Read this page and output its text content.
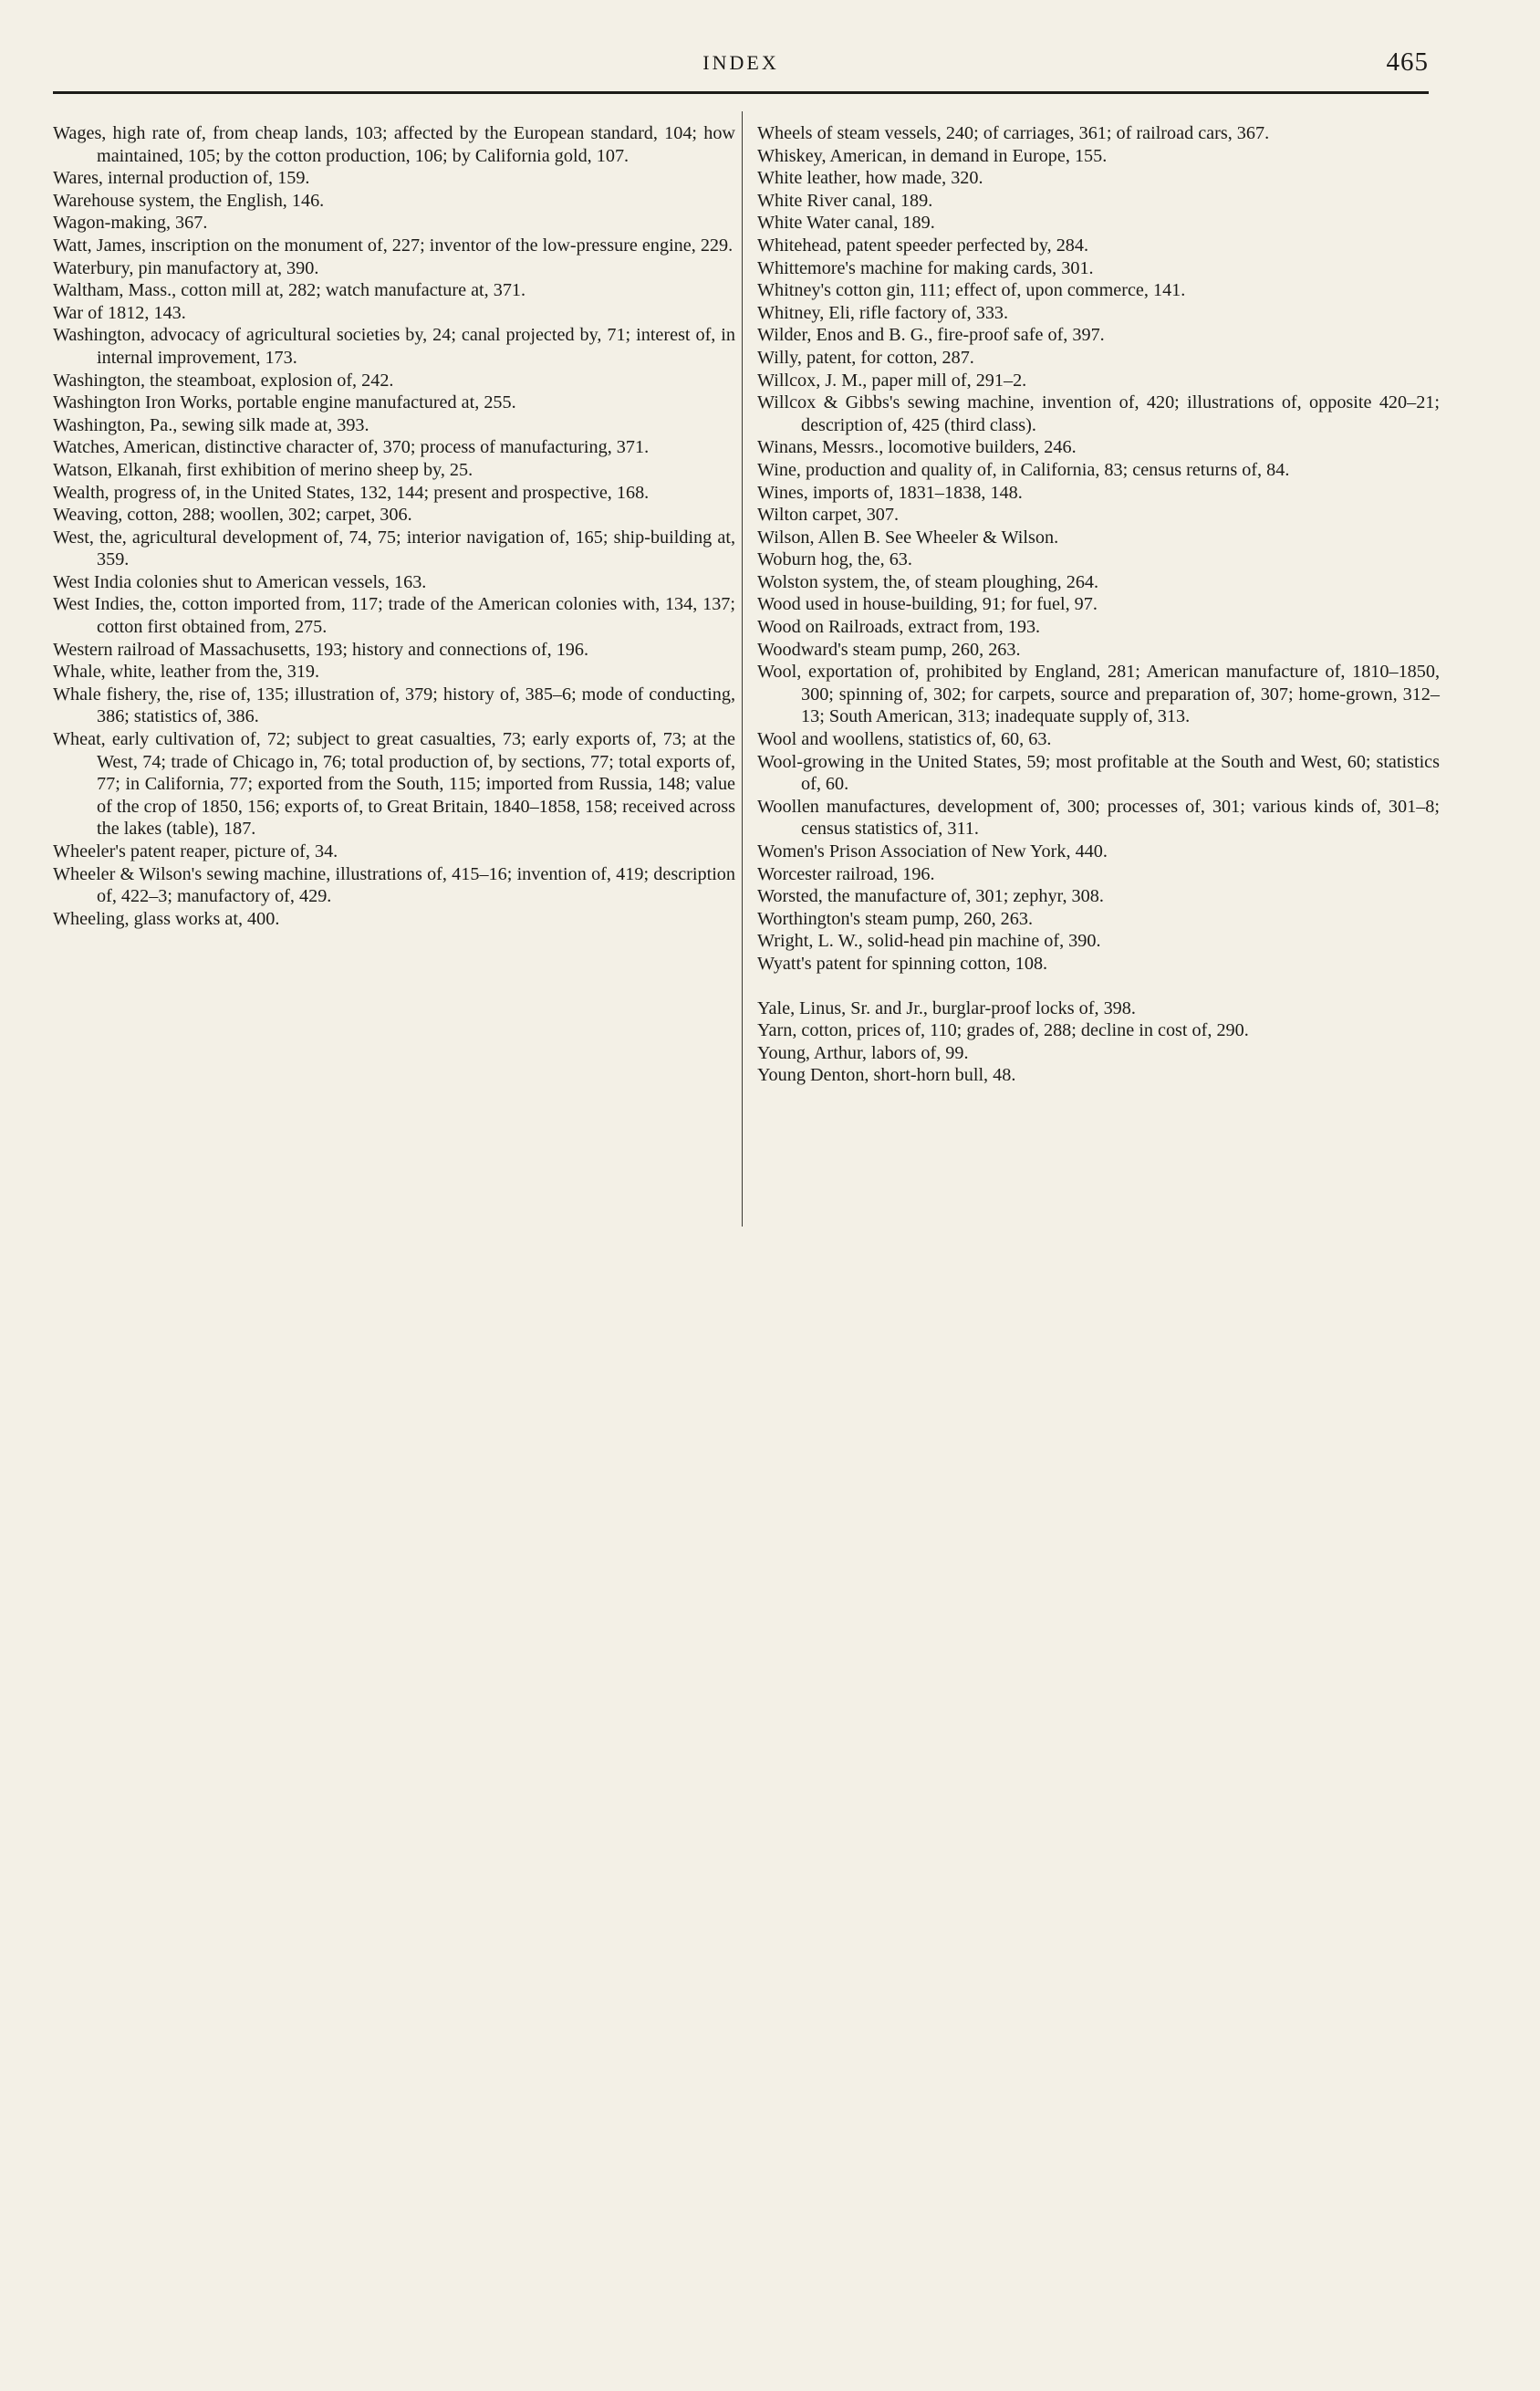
INDEX	465

Wages, high rate of, from cheap lands, 103; affected by the European standard, 104; how maintained, 105; by the cotton production, 106; by California gold, 107.

Wares, internal production of, 159.

Warehouse system, the English, 146.

Wagon-making, 367.

Watt, James, inscription on the monument of, 227; inventor of the low-pressure engine, 229.

Waterbury, pin manufactory at, 390.

Waltham, Mass., cotton mill at, 282; watch manufacture at, 371.

War of 1812, 143.

Washington, advocacy of agricultural societies by, 24; canal projected by, 71; interest of, in internal improvement, 173.

Washington, the steamboat, explosion of, 242.

Washington Iron Works, portable engine manufactured at, 255.

Washington, Pa., sewing silk made at, 393.

Watches, American, distinctive character of, 370; process of manufacturing, 371.

Watson, Elkanah, first exhibition of merino sheep by, 25.

Wealth, progress of, in the United States, 132, 144; present and prospective, 168.

Weaving, cotton, 288; woollen, 302; carpet, 306.

West, the, agricultural development of, 74, 75; interior navigation of, 165; ship-building at, 359.

West India colonies shut to American vessels, 163.

West Indies, the, cotton imported from, 117; trade of the American colonies with, 134, 137; cotton first obtained from, 275.

Western railroad of Massachusetts, 193; history and connections of, 196.

Whale, white, leather from the, 319.

Whale fishery, the, rise of, 135; illustration of, 379; history of, 385–6; mode of conducting, 386; statistics of, 386.

Wheat, early cultivation of, 72; subject to great casualties, 73; early exports of, 73; at the West, 74; trade of Chicago in, 76; total production of, by sections, 77; total exports of, 77; in California, 77; exported from the South, 115; imported from Russia, 148; value of the crop of 1850, 156; exports of, to Great Britain, 1840–1858, 158; received across the lakes (table), 187.

Wheeler's patent reaper, picture of, 34.

Wheeler & Wilson's sewing machine, illustrations of, 415–16; invention of, 419; description of, 422–3; manufactory of, 429.

Wheeling, glass works at, 400.

Wheels of steam vessels, 240; of carriages, 361; of railroad cars, 367.

Whiskey, American, in demand in Europe, 155.

White leather, how made, 320.

White River canal, 189.

White Water canal, 189.

Whitehead, patent speeder perfected by, 284.

Whittemore's machine for making cards, 301.

Whitney's cotton gin, 111; effect of, upon commerce, 141.

Whitney, Eli, rifle factory of, 333.

Wilder, Enos and B. G., fire-proof safe of, 397.

Willy, patent, for cotton, 287.

Willcox, J. M., paper mill of, 291–2.

Willcox & Gibbs's sewing machine, invention of, 420; illustrations of, opposite 420–21; description of, 425 (third class).

Winans, Messrs., locomotive builders, 246.

Wine, production and quality of, in California, 83; census returns of, 84.

Wines, imports of, 1831–1838, 148.

Wilton carpet, 307.

Wilson, Allen B. See Wheeler & Wilson.

Woburn hog, the, 63.

Wolston system, the, of steam ploughing, 264.

Wood used in house-building, 91; for fuel, 97.

Wood on Railroads, extract from, 193.

Woodward's steam pump, 260, 263.

Wool, exportation of, prohibited by England, 281; American manufacture of, 1810–1850, 300; spinning of, 302; for carpets, source and preparation of, 307; home-grown, 312–13; South American, 313; inadequate supply of, 313.

Wool and woollens, statistics of, 60, 63.

Wool-growing in the United States, 59; most profitable at the South and West, 60; statistics of, 60.

Woollen manufactures, development of, 300; processes of, 301; various kinds of, 301–8; census statistics of, 311.

Women's Prison Association of New York, 440.

Worcester railroad, 196.

Worsted, the manufacture of, 301; zephyr, 308.

Worthington's steam pump, 260, 263.

Wright, L. W., solid-head pin machine of, 390.

Wyatt's patent for spinning cotton, 108.

Yale, Linus, Sr. and Jr., burglar-proof locks of, 398.

Yarn, cotton, prices of, 110; grades of, 288; decline in cost of, 290.

Young, Arthur, labors of, 99.

Young Denton, short-horn bull, 48.
